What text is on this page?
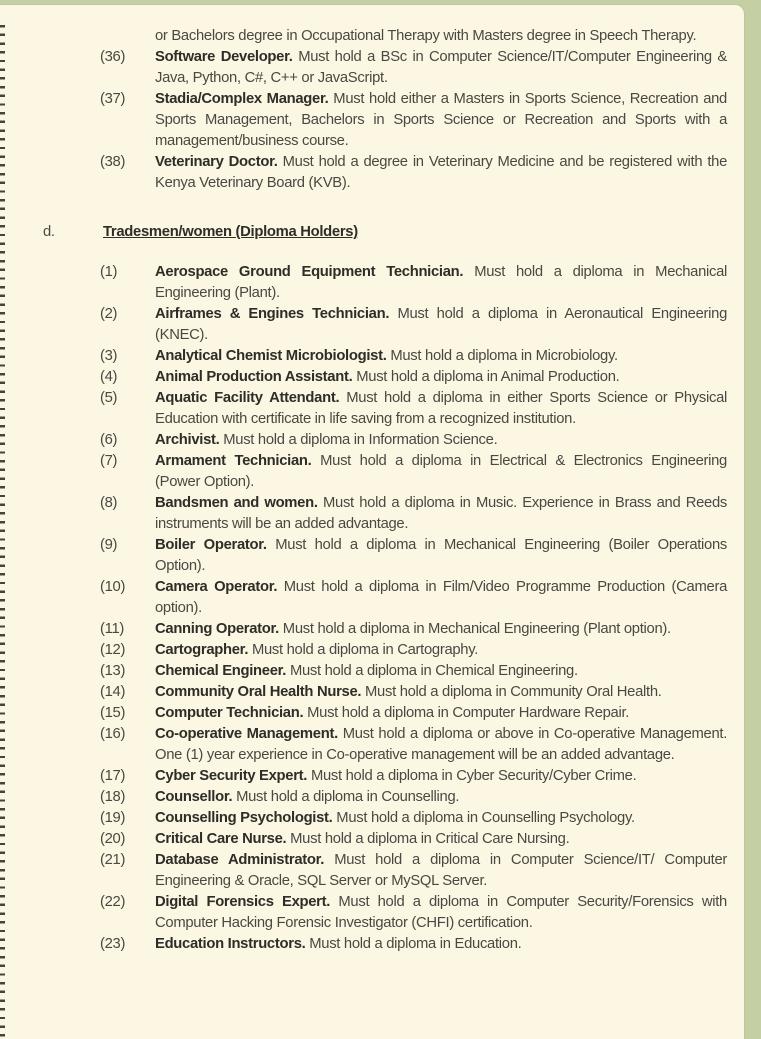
or Bachelors degree in Occupational Therapy with Masters degree in Speech Therapy.

(36)	Software Developer. Must hold a BSc in Computer Science/IT/Computer Engineering & Java, Python, C#, C++ or JavaScript.
(37)	Stadia/Complex Manager. Must hold either a Masters in Sports Science, Recreation and Sports Management, Bachelors in Sports Science or Recreation and Sports with a management/business course.
(38)	Veterinary Doctor. Must hold a degree in Veterinary Medicine and be registered with the Kenya Veterinary Board (KVB).
d.	Tradesmen/women (Diploma Holders)
(1)	Aerospace Ground Equipment Technician. Must hold a diploma in Mechanical Engineering (Plant).
(2)	Airframes & Engines Technician. Must hold a diploma in Aeronautical Engineering (KNEC).
(3)	Analytical Chemist Microbiologist. Must hold a diploma in Microbiology.
(4)	Animal Production Assistant. Must hold a diploma in Animal Production.
(5)	Aquatic Facility Attendant. Must hold a diploma in either Sports Science or Physical Education with certificate in life saving from a recognized institution.
(6)	Archivist. Must hold a diploma in Information Science.
(7)	Armament Technician. Must hold a diploma in Electrical & Electronics Engineering (Power Option).
(8)	Bandsmen and women. Must hold a diploma in Music. Experience in Brass and Reeds instruments will be an added advantage.
(9)	Boiler Operator. Must hold a diploma in Mechanical Engineering (Boiler Operations Option).
(10)	Camera Operator. Must hold a diploma in Film/Video Programme Production (Camera option).
(11)	Canning Operator. Must hold a diploma in Mechanical Engineering (Plant option).
(12)	Cartographer. Must hold a diploma in Cartography.
(13)	Chemical Engineer. Must hold a diploma in Chemical Engineering.
(14)	Community Oral Health Nurse. Must hold a diploma in Community Oral Health.
(15)	Computer Technician. Must hold a diploma in Computer Hardware Repair.
(16)	Co-operative Management. Must hold a diploma or above in Co-operative Management. One (1) year experience in Co-operative management will be an added advantage.
(17)	Cyber Security Expert. Must hold a diploma in Cyber Security/Cyber Crime.
(18)	Counsellor. Must hold a diploma in Counselling.
(19)	Counselling Psychologist. Must hold a diploma in Counselling Psychology.
(20)	Critical Care Nurse. Must hold a diploma in Critical Care Nursing.
(21)	Database Administrator. Must hold a diploma in Computer Science/IT/ Computer Engineering & Oracle, SQL Server or MySQL Server.
(22)	Digital Forensics Expert. Must hold a diploma in Computer Security/Forensics with Computer Hacking Forensic Investigator (CHFI) certification.
(23)	Education Instructors. Must hold a diploma in Education.
